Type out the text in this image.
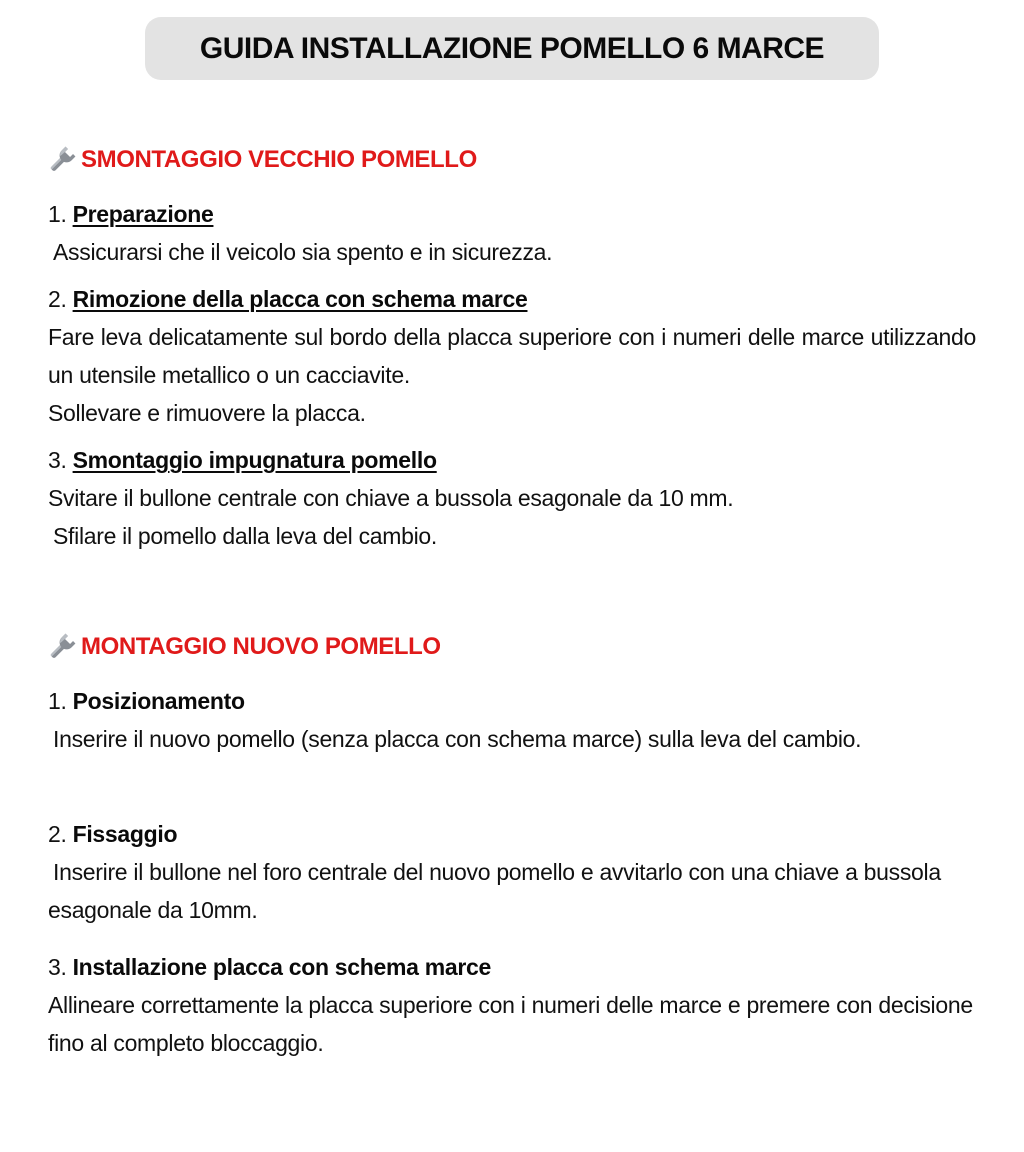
GUIDA INSTALLAZIONE POMELLO 6 MARCE
SMONTAGGIO VECCHIO POMELLO
1. Preparazione

Assicurarsi che il veicolo sia spento e in sicurezza.

2. Rimozione della placca con schema marce

Fare leva delicatamente sul bordo della placca superiore con i numeri delle marce utilizzando un utensile metallico o un cacciavite.

Sollevare e rimuovere la placca.

3. Smontaggio impugnatura pomello

Svitare il bullone centrale con chiave a bussola esagonale da 10 mm.

Sfilare il pomello dalla leva del cambio.

MONTAGGIO NUOVO POMELLO
1. Posizionamento

Inserire il nuovo pomello (senza placca con schema marce) sulla leva del cambio.

2. Fissaggio

Inserire il bullone nel foro centrale del nuovo pomello e avvitarlo con una chiave a bussola esagonale da 10mm.

3. Installazione placca con schema marce

Allineare correttamente la placca superiore con i numeri delle marce e premere con decisione fino al completo bloccaggio.
